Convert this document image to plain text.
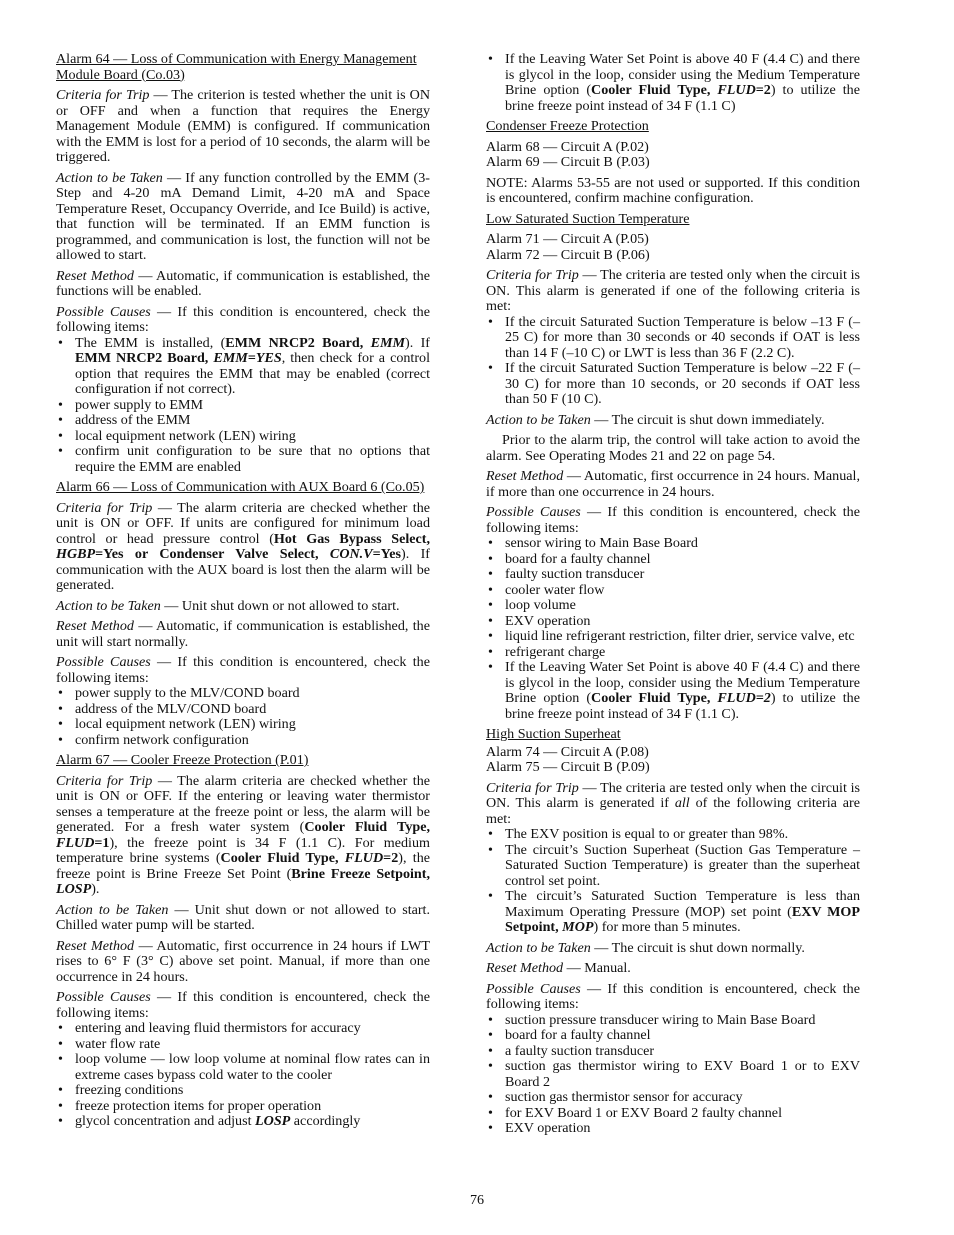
Alarm 64 — Loss of Communication with Energy Management Module Board (Co.03)
Criteria for Trip — The criterion is tested whether the unit is ON or OFF and when a function that requires the Energy Management Module (EMM) is configured. If communication with the EMM is lost for a period of 10 seconds, the alarm will be triggered.
Action to be Taken — If any function controlled by the EMM (3-Step and 4-20 mA Demand Limit, 4-20 mA and Space Temperature Reset, Occupancy Override, and Ice Build) is active, that function will be terminated. If an EMM function is programmed, and communication is lost, the function will not be allowed to start.
Reset Method — Automatic, if communication is established, the functions will be enabled.
Possible Causes — If this condition is encountered, check the following items:
• The EMM is installed, (EMM NRCP2 Board, EMM). If EMM NRCP2 Board, EMM=YES, then check for a control option that requires the EMM that may be enabled (correct configuration if not correct).
• power supply to EMM
• address of the EMM
• local equipment network (LEN) wiring
• confirm unit configuration to be sure that no options that require the EMM are enabled
Alarm 66 — Loss of Communication with AUX Board 6 (Co.05)
Criteria for Trip — The alarm criteria are checked whether the unit is ON or OFF. If units are configured for minimum load control or head pressure control (Hot Gas Bypass Select, HGBP=Yes or Condenser Valve Select, CON.V=Yes). If communication with the AUX board is lost then the alarm will be generated.
Action to be Taken — Unit shut down or not allowed to start.
Reset Method — Automatic, if communication is established, the unit will start normally.
Possible Causes — If this condition is encountered, check the following items:
• power supply to the MLV/COND board
• address of the MLV/COND board
• local equipment network (LEN) wiring
• confirm network configuration
Alarm 67 — Cooler Freeze Protection (P.01)
Criteria for Trip — The alarm criteria are checked whether the unit is ON or OFF. If the entering or leaving water thermistor senses a temperature at the freeze point or less, the alarm will be generated. For a fresh water system (Cooler Fluid Type, FLUD=1), the freeze point is 34 F (1.1 C). For medium temperature brine systems (Cooler Fluid Type, FLUD=2), the freeze point is Brine Freeze Set Point (Brine Freeze Setpoint, LOSP).
Action to be Taken — Unit shut down or not allowed to start. Chilled water pump will be started.
Reset Method — Automatic, first occurrence in 24 hours if LWT rises to 6° F (3° C) above set point. Manual, if more than one occurrence in 24 hours.
Possible Causes — If this condition is encountered, check the following items:
• entering and leaving fluid thermistors for accuracy
• water flow rate
• loop volume — low loop volume at nominal flow rates can in extreme cases bypass cold water to the cooler
• freezing conditions
• freeze protection items for proper operation
• glycol concentration and adjust LOSP accordingly
• If the Leaving Water Set Point is above 40 F (4.4 C) and there is glycol in the loop, consider using the Medium Temperature Brine option (Cooler Fluid Type, FLUD=2) to utilize the brine freeze point instead of 34 F (1.1 C)
Condenser Freeze Protection
Alarm 68 — Circuit A (P.02)
Alarm 69 — Circuit B (P.03)
NOTE: Alarms 53-55 are not used or supported. If this condition is encountered, confirm machine configuration.
Low Saturated Suction Temperature
Alarm 71 — Circuit A (P.05)
Alarm 72 — Circuit B (P.06)
Criteria for Trip — The criteria are tested only when the circuit is ON. This alarm is generated if one of the following criteria is met:
• If the circuit Saturated Suction Temperature is below –13 F (–25 C) for more than 30 seconds or 40 seconds if OAT is less than 14 F (–10 C) or LWT is less than 36 F (2.2 C).
• If the circuit Saturated Suction Temperature is below –22 F (–30 C) for more than 10 seconds, or 20 seconds if OAT less than 50 F (10 C).
Action to be Taken — The circuit is shut down immediately.
Prior to the alarm trip, the control will take action to avoid the alarm. See Operating Modes 21 and 22 on page 54.
Reset Method — Automatic, first occurrence in 24 hours. Manual, if more than one occurrence in 24 hours.
Possible Causes — If this condition is encountered, check the following items:
• sensor wiring to Main Base Board
• board for a faulty channel
• faulty suction transducer
• cooler water flow
• loop volume
• EXV operation
• liquid line refrigerant restriction, filter drier, service valve, etc
• refrigerant charge
• If the Leaving Water Set Point is above 40 F (4.4 C) and there is glycol in the loop, consider using the Medium Temperature Brine option (Cooler Fluid Type, FLUD=2) to utilize the brine freeze point instead of 34 F (1.1 C).
High Suction Superheat
Alarm 74 — Circuit A (P.08)
Alarm 75 — Circuit B (P.09)
Criteria for Trip — The criteria are tested only when the circuit is ON. This alarm is generated if all of the following criteria are met:
• The EXV position is equal to or greater than 98%.
• The circuit’s Suction Superheat (Suction Gas Temperature – Saturated Suction Temperature) is greater than the superheat control set point.
• The circuit’s Saturated Suction Temperature is less than Maximum Operating Pressure (MOP) set point (EXV MOP Setpoint, MOP) for more than 5 minutes.
Action to be Taken — The circuit is shut down normally.
Reset Method — Manual.
Possible Causes — If this condition is encountered, check the following items:
• suction pressure transducer wiring to Main Base Board
• board for a faulty channel
• a faulty suction transducer
• suction gas thermistor wiring to EXV Board 1 or to EXV Board 2
• suction gas thermistor sensor for accuracy
• for EXV Board 1 or EXV Board 2 faulty channel
• EXV operation
76
